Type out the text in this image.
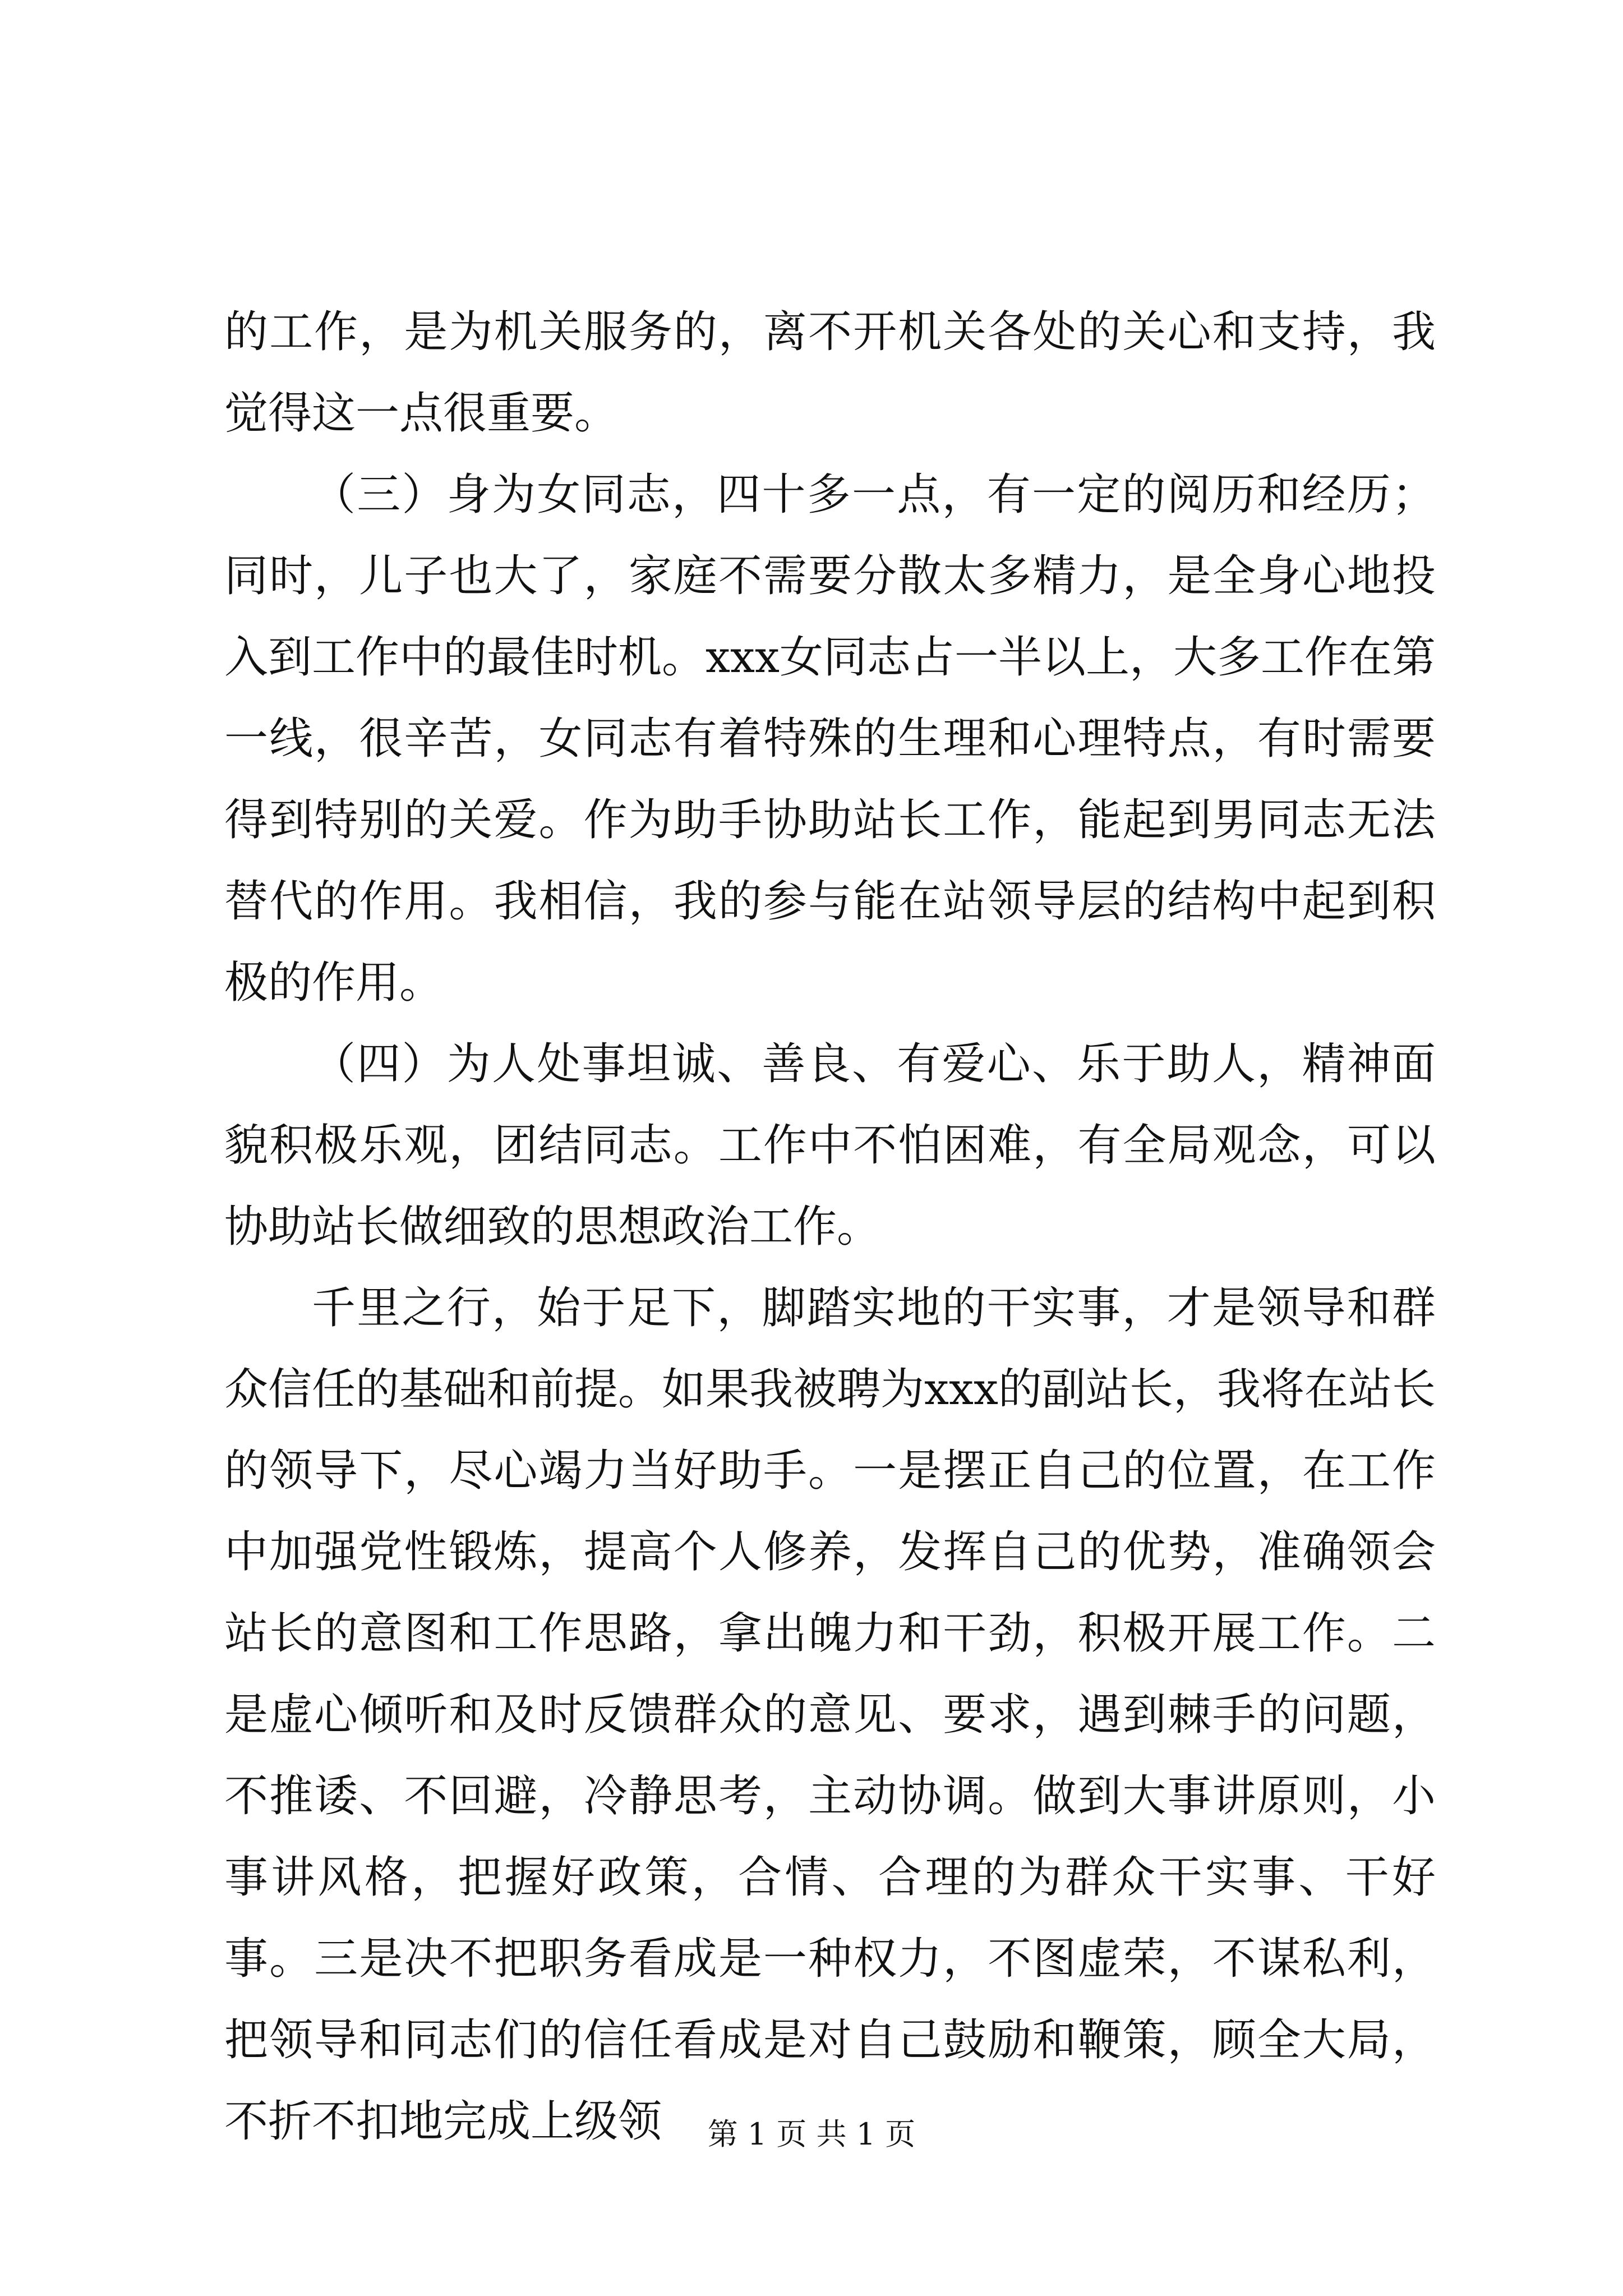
的工作，是为机关服务的，离不开机关各处的关心和支持，我觉得这一点很重要。

（三）身为女同志，四十多一点，有一定的阅历和经历；同时，儿子也大了，家庭不需要分散太多精力，是全身心地投入到工作中的最佳时机。xxx女同志占一半以上，大多工作在第一线，很辛苦，女同志有着特殊的生理和心理特点，有时需要得到特别的关爱。作为助手协助站长工作，能起到男同志无法替代的作用。我相信，我的参与能在站领导层的结构中起到积极的作用。

（四）为人处事坦诚、善良、有爱心、乐于助人，精神面貌积极乐观，团结同志。工作中不怕困难，有全局观念，可以协助站长做细致的思想政治工作。

千里之行，始于足下，脚踏实地的干实事，才是领导和群众信任的基础和前提。如果我被聘为xxx的副站长，我将在站长的领导下，尽心竭力当好助手。一是摆正自己的位置，在工作中加强党性锻炼，提高个人修养，发挥自己的优势，准确领会站长的意图和工作思路，拿出魄力和干劲，积极开展工作。二是虚心倾听和及时反馈群众的意见、要求，遇到棘手的问题，不推诿、不回避，冷静思考，主动协调。做到大事讲原则，小事讲风格，把握好政策，合情、合理的为群众干实事、干好事。三是决不把职务看成是一种权力，不图虚荣，不谋私利，把领导和同志们的信任看成是对自己鼓励和鞭策，顾全大局，不折不扣地完成上级领	第 1 页 共 1 页
